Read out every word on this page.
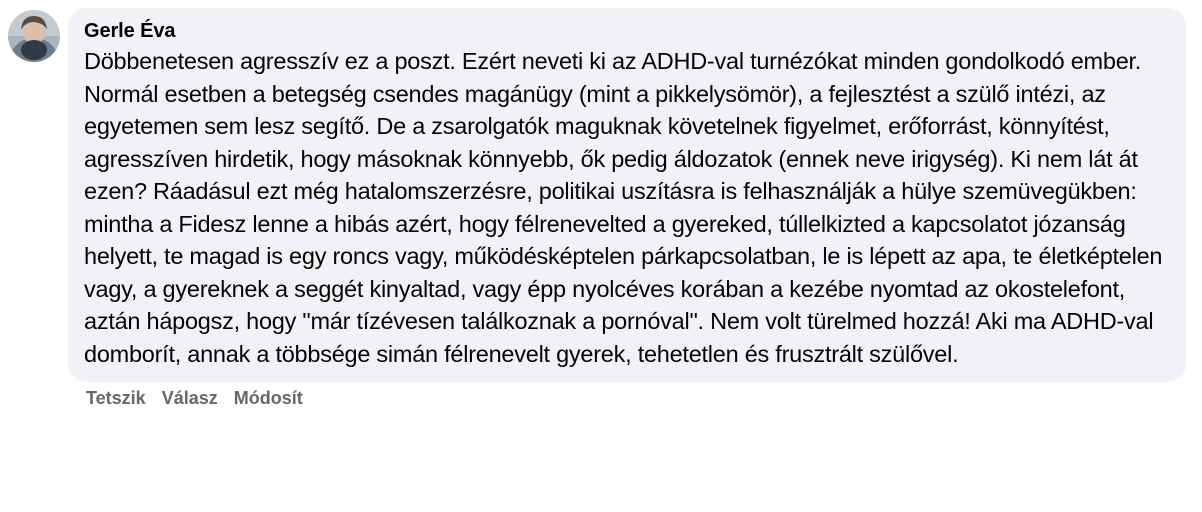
Gerle Éva
Döbbenetesen agresszív ez a poszt. Ezért neveti ki az ADHD-val turnézókat minden gondolkodó ember. Normál esetben a betegség csendes magánügy (mint a pikkelysömör), a fejlesztést a szülő intézi, az egyetemen sem lesz segítő. De a zsarolgatók maguknak követelnek figyelmet, erőforrást, könnyítést, agresszíven hirdetik, hogy másoknak könnyebb, ők pedig áldozatok (ennek neve irigység). Ki nem lát át ezen? Ráadásul ezt még hatalomszerzésre, politikai uszításra is felhasználják a hülye szemüvegükben: mintha a Fidesz lenne a hibás azért, hogy félrenevelted a gyereked, túllelkizted a kapcsolatot józanság helyett, te magad is egy roncs vagy, működésképtelen párkapcsolatban, le is lépett az apa, te életképtelen vagy, a gyereknek a seggét kinyaltad, vagy épp nyolcéves korában a kezébe nyomtad az okostelefont, aztán hápogsz, hogy "már tízévesen találkoznak a pornóval". Nem volt türelmed hozzá! Aki ma ADHD-val domborít, annak a többsége simán félrenevelt gyerek, tehetetlen és frusztrált szülővel.
Tetszik Válasz Módosít
